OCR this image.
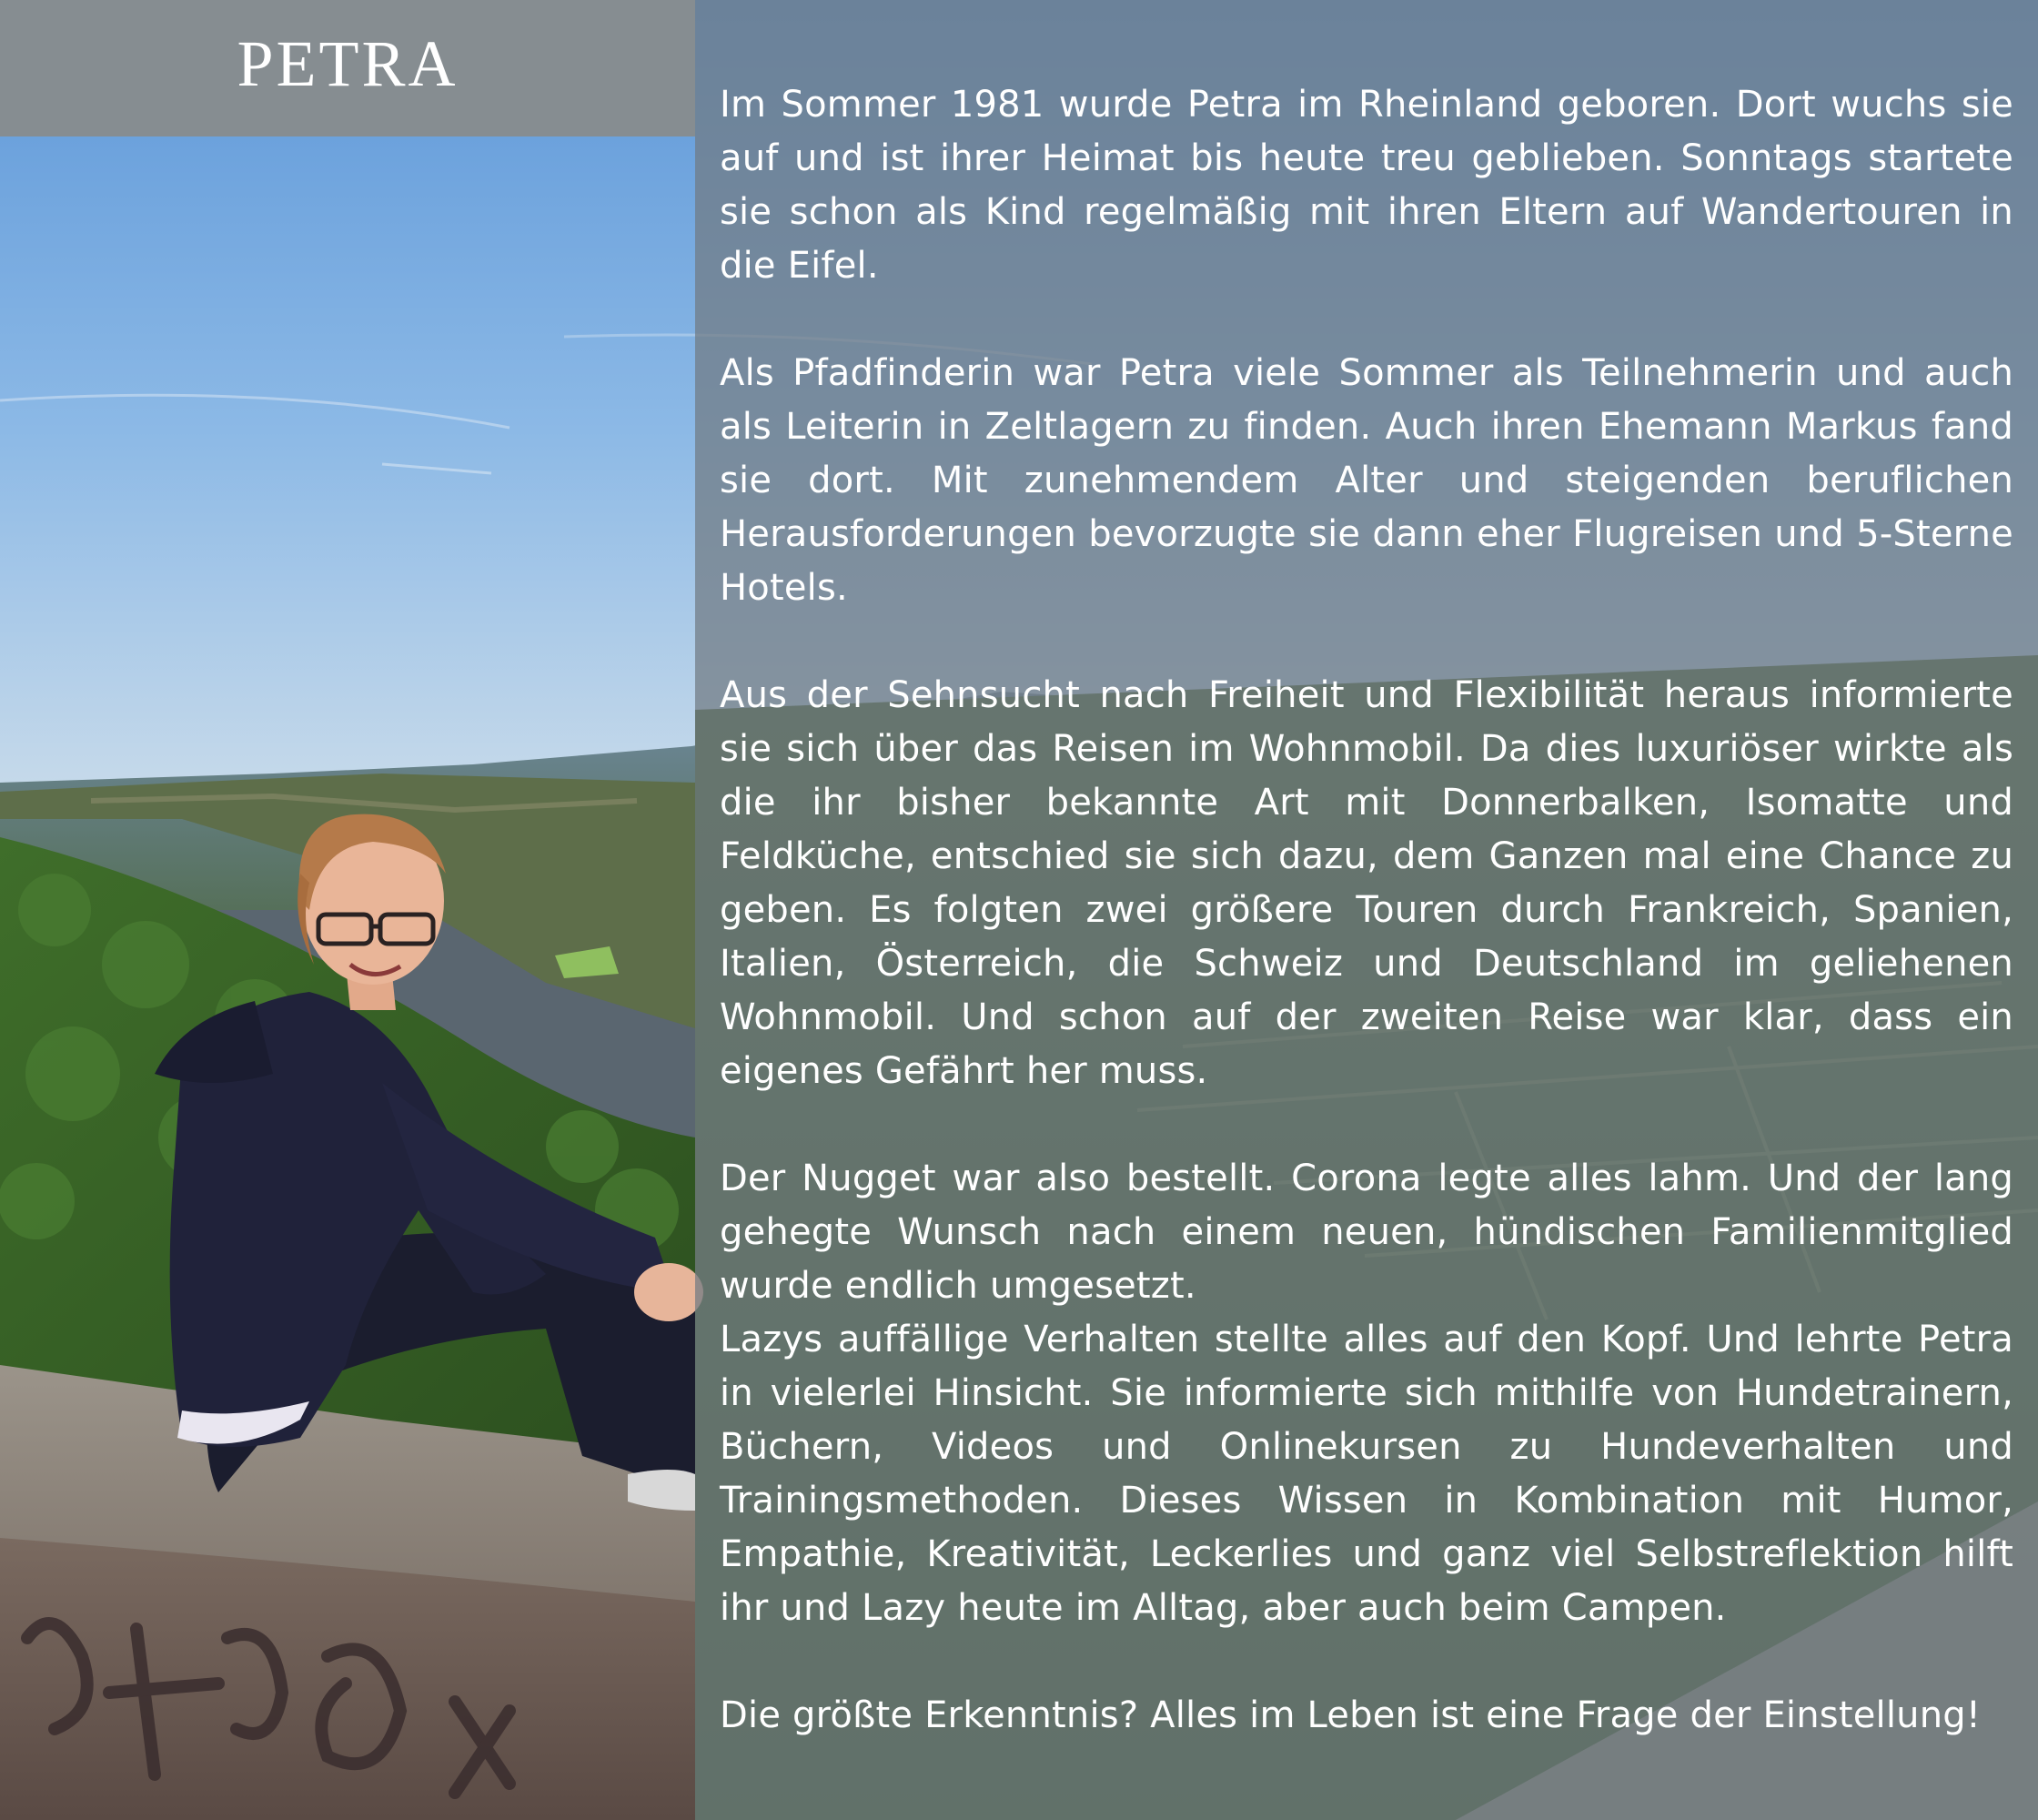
PETRA

Im Sommer 1981 wurde Petra im Rheinland geboren. Dort wuchs sie auf und ist ihrer Heimat bis heute treu geblieben. Sonntags startete sie schon als Kind regelmäßig mit ihren Eltern auf Wandertouren in die Eifel.

Als Pfadfinderin war Petra viele Sommer als Teilnehmerin und auch als Leiterin in Zeltlagern zu finden. Auch ihren Ehemann Markus fand sie dort. Mit zunehmendem Alter und steigenden beruflichen Herausforderungen bevorzugte sie dann eher Flugreisen und 5-Sterne Hotels.

Aus der Sehnsucht nach Freiheit und Flexibilität heraus informierte sie sich über das Reisen im Wohnmobil. Da dies luxuriöser wirkte als die ihr bisher bekannte Art mit Donnerbalken, Isomatte und Feldküche, entschied sie sich dazu, dem Ganzen mal eine Chance zu geben. Es folgten zwei größere Touren durch Frankreich, Spanien, Italien, Österreich, die Schweiz und Deutschland im geliehenen Wohnmobil. Und schon auf der zweiten Reise war klar, dass ein eigenes Gefährt her muss.

Der Nugget war also bestellt. Corona legte alles lahm. Und der lang gehegte Wunsch nach einem neuen, hündischen Familienmitglied wurde endlich umgesetzt.

Lazys auffällige Verhalten stellte alles auf den Kopf. Und lehrte Petra in vielerlei Hinsicht. Sie informierte sich mithilfe von Hundetrainern, Büchern, Videos und Onlinekursen zu Hundeverhalten und Trainingsmethoden. Dieses Wissen in Kombination mit Humor, Empathie, Kreativität, Leckerlies und ganz viel Selbstreflektion hilft ihr und Lazy heute im Alltag, aber auch beim Campen.

Die größte Erkenntnis? Alles im Leben ist eine Frage der Einstellung!
